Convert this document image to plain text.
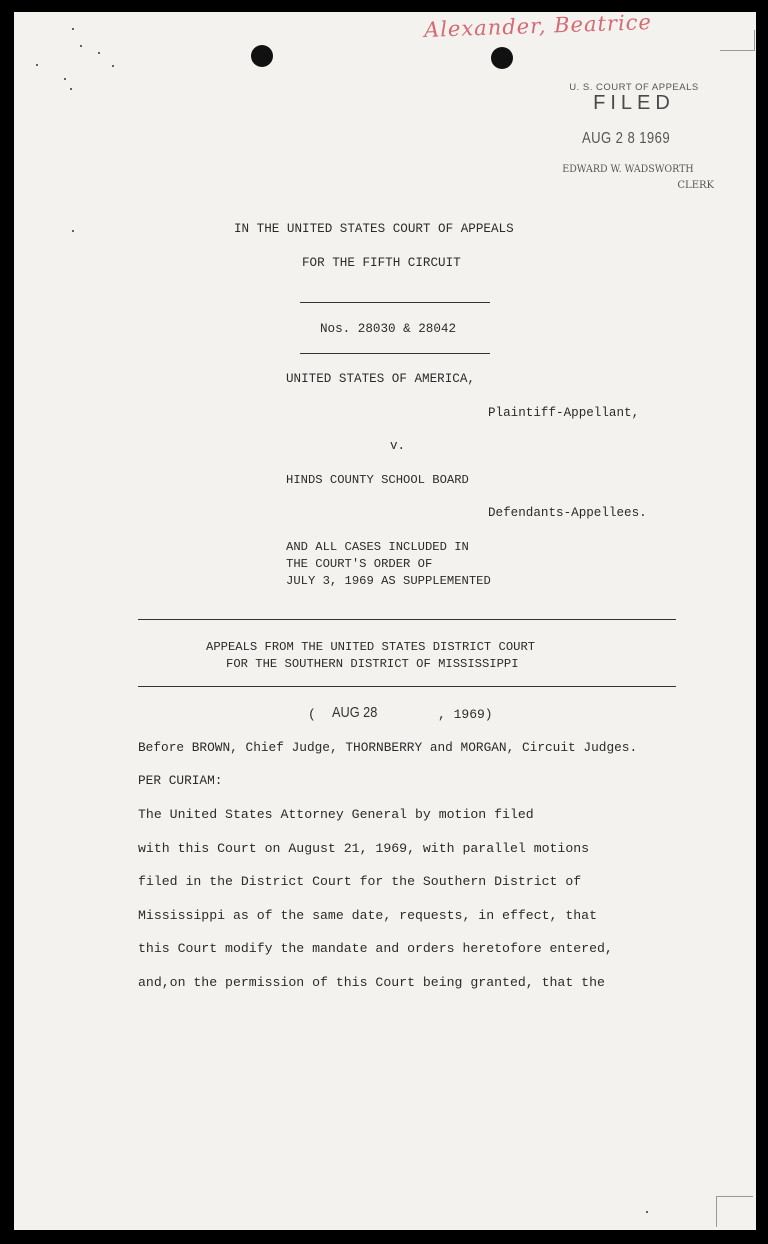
Alexander, Beatrice
U. S. COURT OF APPEALS
FILED
AUG 2 8 1969
EDWARD W. WADSWORTH
CLERK
IN THE UNITED STATES COURT OF APPEALS
FOR THE FIFTH CIRCUIT
Nos. 28030 & 28042
UNITED STATES OF AMERICA,
Plaintiff-Appellant,
v.
HINDS COUNTY SCHOOL BOARD
Defendants-Appellees.
AND ALL CASES INCLUDED IN
THE COURT'S ORDER OF
JULY 3, 1969 AS SUPPLEMENTED
APPEALS FROM THE UNITED STATES DISTRICT COURT
FOR THE SOUTHERN DISTRICT OF MISSISSIPPI
( AUG 28	, 1969)
Before BROWN, Chief Judge, THORNBERRY and MORGAN, Circuit Judges.
PER CURIAM:
The United States Attorney General by motion filed
with this Court on August 21, 1969, with parallel motions
filed in the District Court for the Southern District of
Mississippi as of the same date, requests, in effect, that
this Court modify the mandate and orders heretofore entered,
and,on the permission of this Court being granted, that the
